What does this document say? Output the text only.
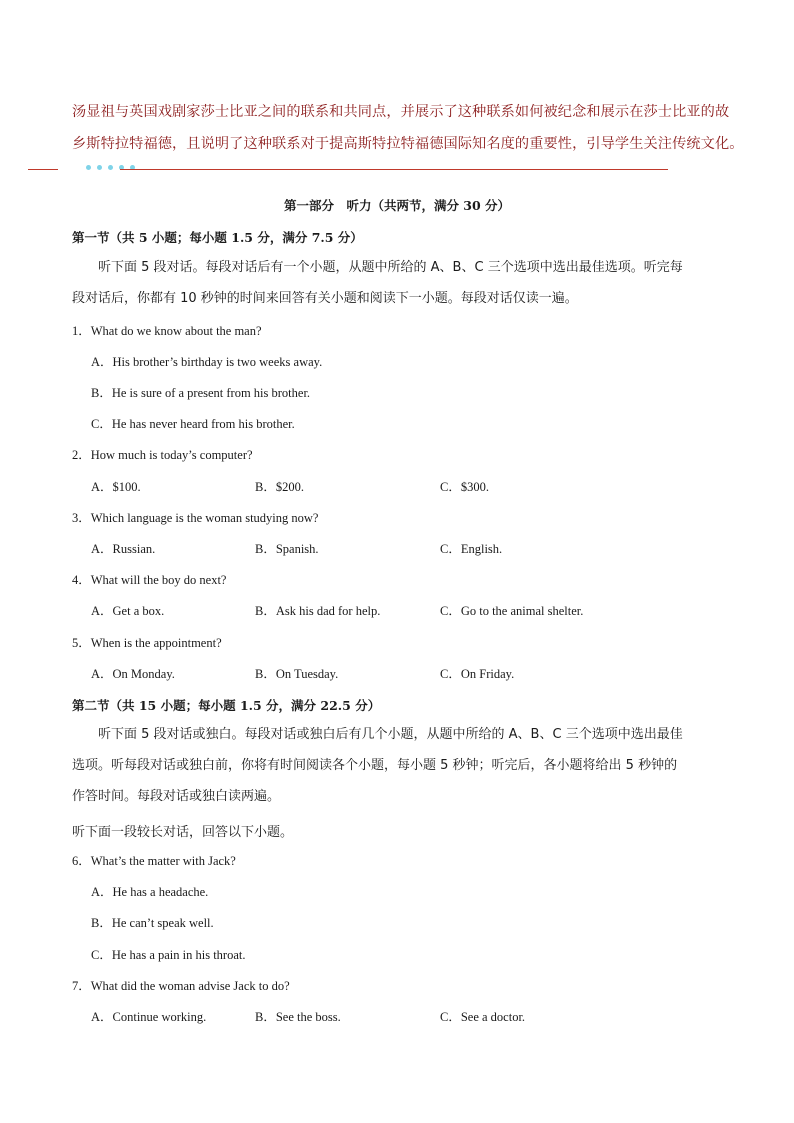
汤显祖与英国戏剧家莎士比亚之间的联系和共同点，并展示了这种联系如何被纪念和展示在莎士比亚的故

乡斯特拉特福德，且说明了这种联系对于提高斯特拉特福德国际知名度的重要性，引导学生关注传统文化。

第一部分　听力（共两节，满分 30 分）
第一节（共 5 小题；每小题 1.5 分，满分 7.5 分）

听下面 5 段对话。每段对话后有一个小题，从题中所给的 A、B、C 三个选项中选出最佳选项。听完每

段对话后，你都有 10 秒钟的时间来回答有关小题和阅读下一小题。每段对话仅读一遍。

1．What do we know about the man?
A．His brother’s birthday is two weeks away.
B．He is sure of a present from his brother.
C．He has never heard from his brother.
2．How much is today’s computer?
A．$100.	B．$200.	C．$300.
3．Which language is the woman studying now?
A．Russian.	B．Spanish.	C．English.
4．What will the boy do next?
A．Get a box.	B．Ask his dad for help.	C．Go to the animal shelter.
5．When is the appointment?
A．On Monday.	B．On Tuesday.	C．On Friday.
第二节（共 15 小题；每小题 1.5 分，满分 22.5 分）

听下面 5 段对话或独白。每段对话或独白后有几个小题，从题中所给的 A、B、C 三个选项中选出最佳

选项。听每段对话或独白前，你将有时间阅读各个小题，每小题 5 秒钟；听完后，各小题将给出 5 秒钟的

作答时间。每段对话或独白读两遍。

听下面一段较长对话，回答以下小题。
6．What’s the matter with Jack?
A．He has a headache.
B．He can’t speak well.
C．He has a pain in his throat.
7．What did the woman advise Jack to do?
A．Continue working.	B．See the boss.	C．See a doctor.
